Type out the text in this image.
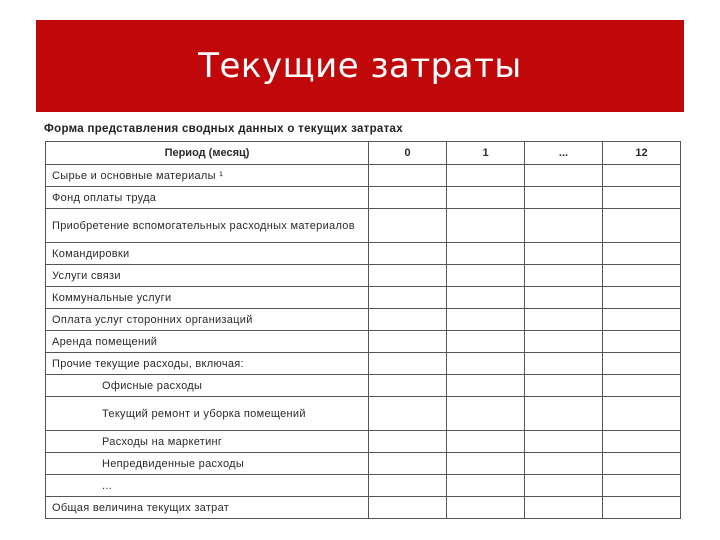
Текущие затраты
Форма представления сводных данных о текущих затратах
Период (месяц)	0	1	...	12
Сырье и основные материалы ¹				
Фонд оплаты труда				
Приобретение вспомогательных расходных материалов				
Командировки				
Услуги связи				
Коммунальные услуги				
Оплата услуг сторонних организаций				
Аренда помещений				
Прочие текущие расходы, включая:				
Офисные расходы				
Текущий ремонт и уборка помещений				
Расходы на маркетинг				
Непредвиденные расходы				
...				
Общая величина текущих затрат				
